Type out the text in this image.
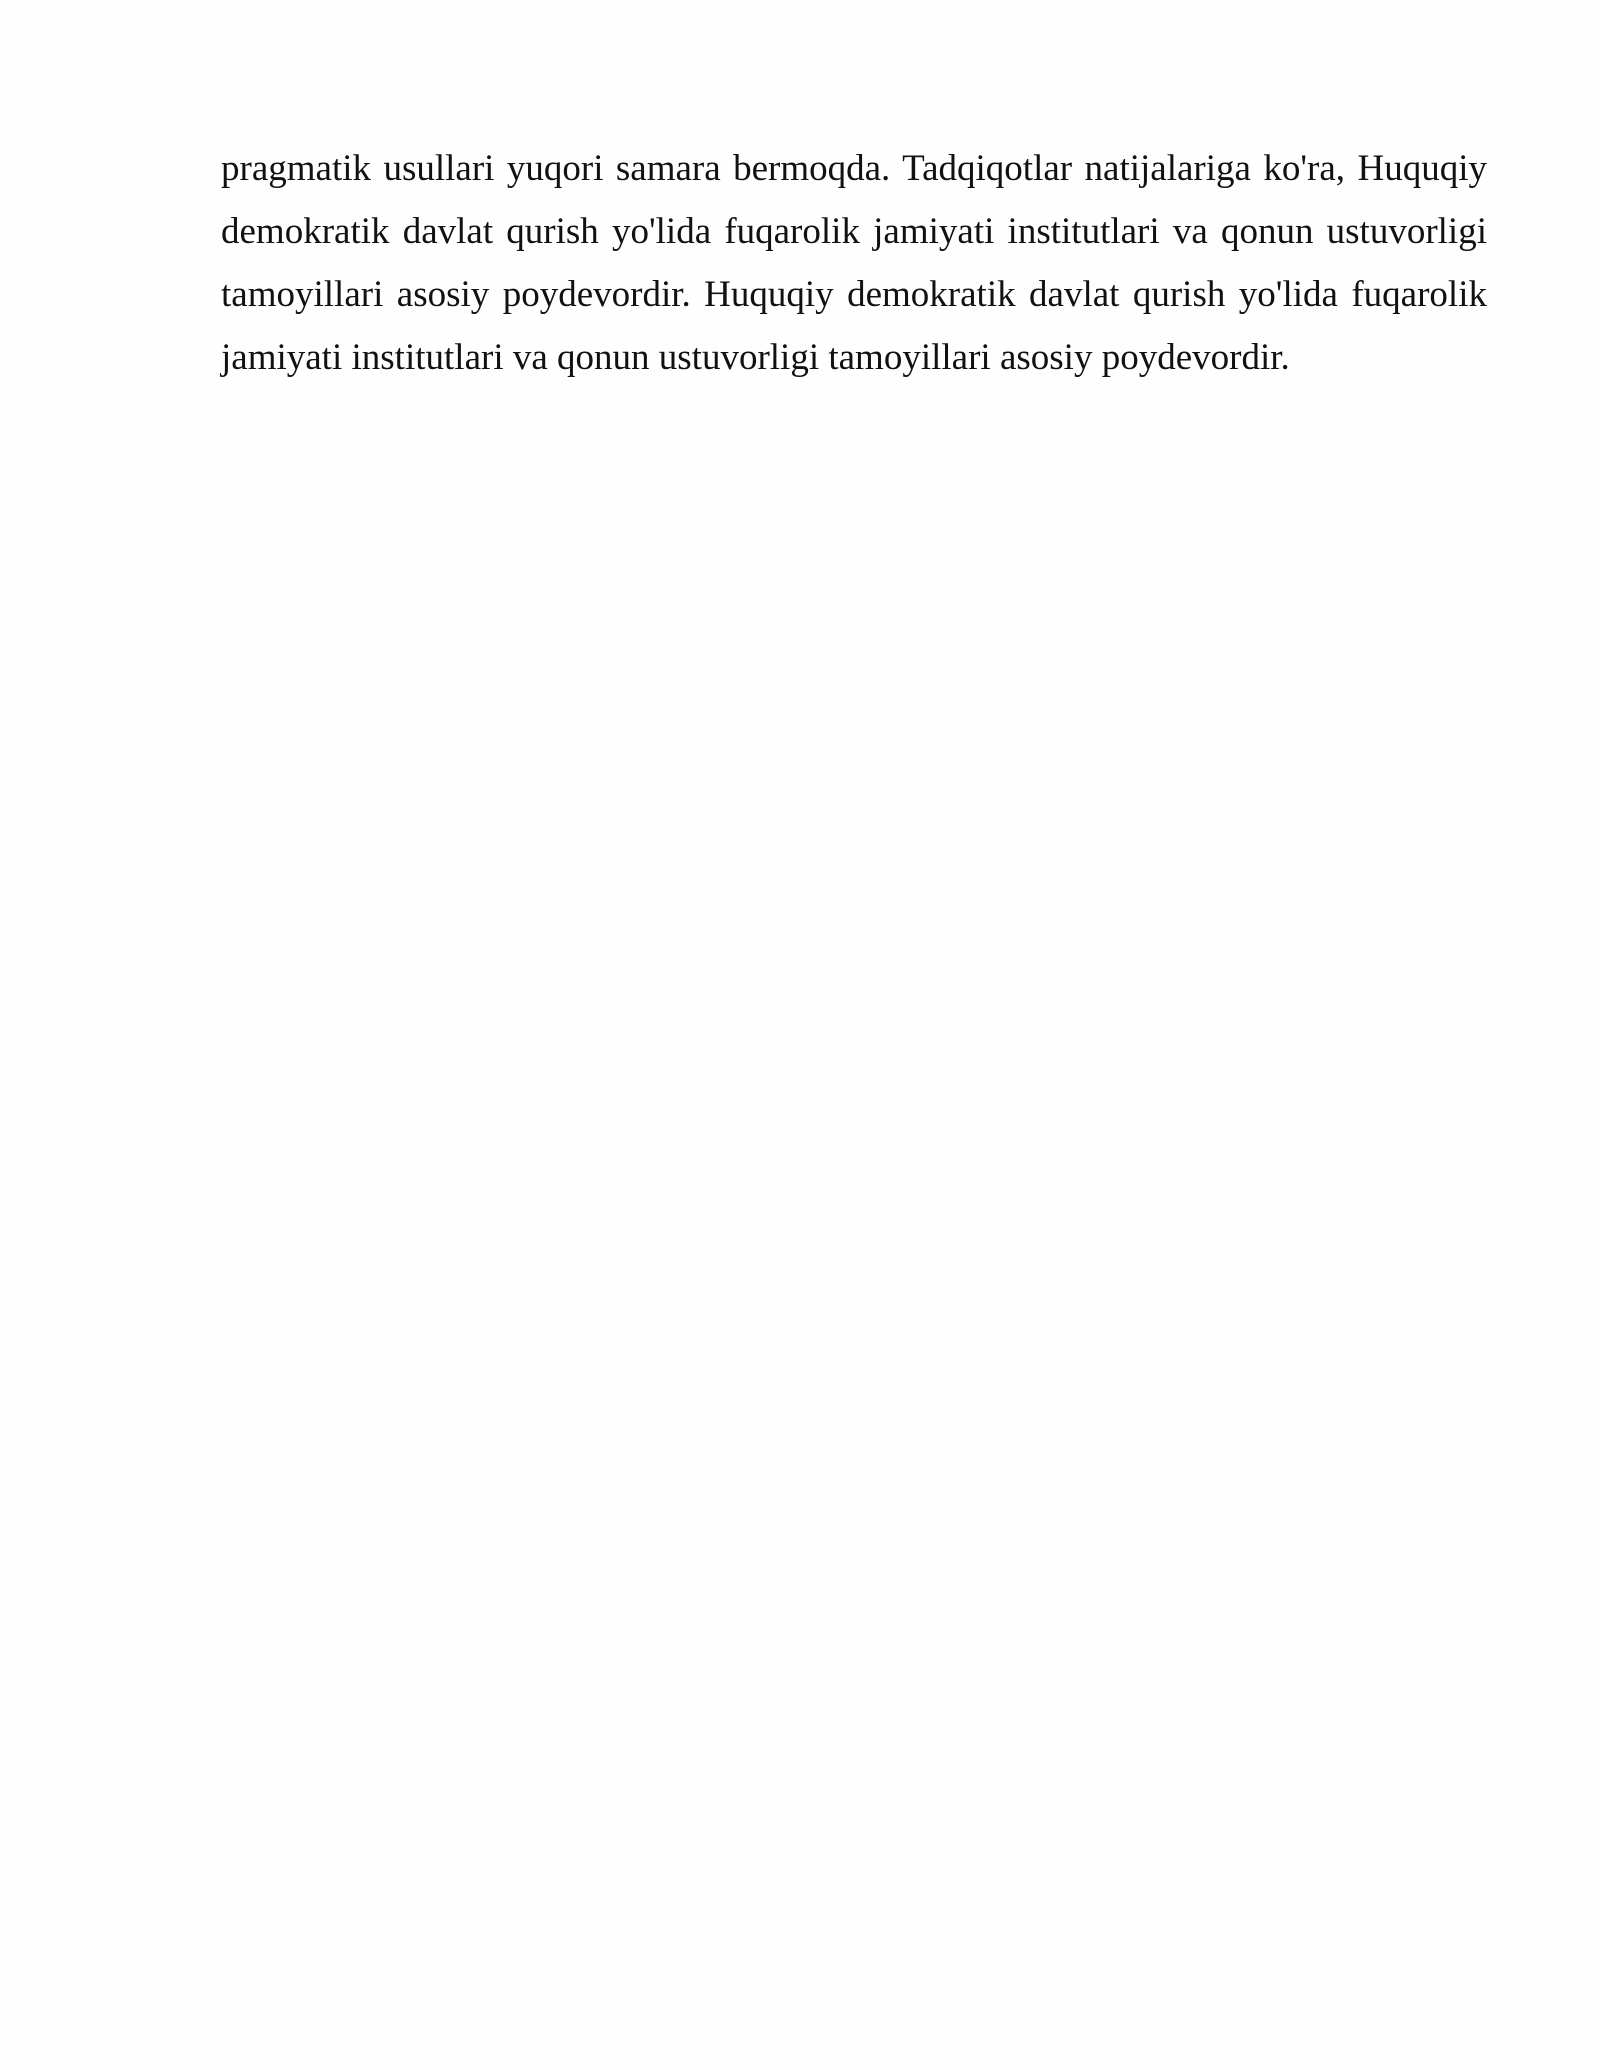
pragmatik usullari yuqori samara bermoqda. Tadqiqotlar natijalariga ko'ra, Huquqiy demokratik davlat qurish yo'lida fuqarolik jamiyati institutlari va qonun ustuvorligi tamoyillari asosiy poydevordir. Huquqiy demokratik davlat qurish yo'lida fuqarolik jamiyati institutlari va qonun ustuvorligi tamoyillari asosiy poydevordir.
